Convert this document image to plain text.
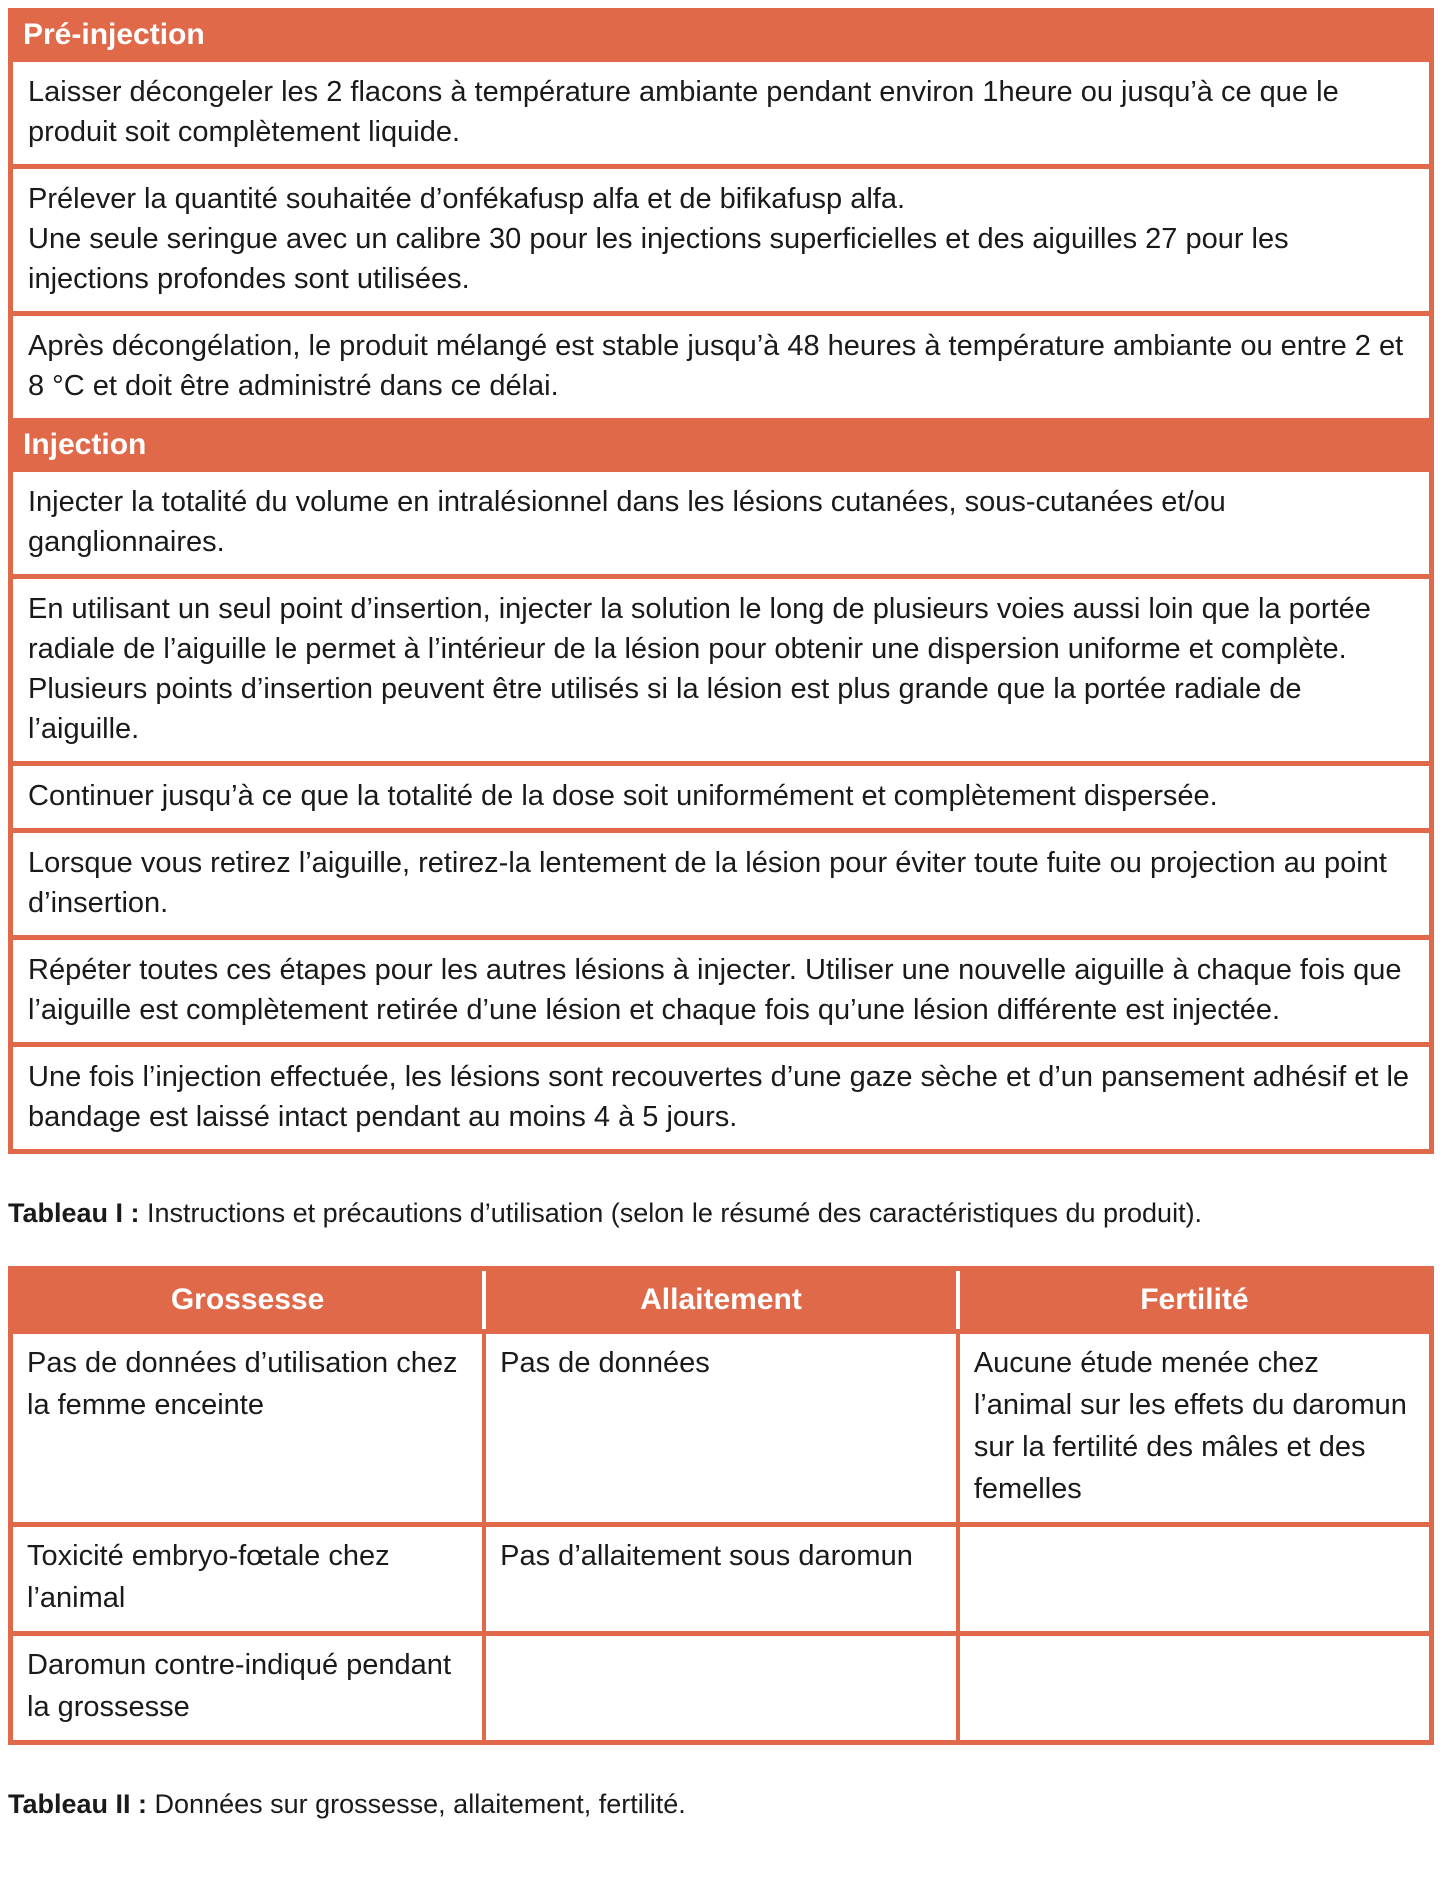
Pré-injection
Laisser décongeler les 2 flacons à température ambiante pendant environ 1heure ou jusqu’à ce que le produit soit complètement liquide.
Prélever la quantité souhaitée d’onfékafusp alfa et de bifikafusp alfa.
Une seule seringue avec un calibre 30 pour les injections superficielles et des aiguilles 27 pour les injections profondes sont utilisées.
Après décongélation, le produit mélangé est stable jusqu’à 48 heures à température ambiante ou entre 2 et 8 °C et doit être administré dans ce délai.
Injection
Injecter la totalité du volume en intralésionnel dans les lésions cutanées, sous-cutanées et/ou ganglionnaires.
En utilisant un seul point d’insertion, injecter la solution le long de plusieurs voies aussi loin que la portée radiale de l’aiguille le permet à l’intérieur de la lésion pour obtenir une dispersion uniforme et complète. Plusieurs points d’insertion peuvent être utilisés si la lésion est plus grande que la portée radiale de l’aiguille.
Continuer jusqu’à ce que la totalité de la dose soit uniformément et complètement dispersée.
Lorsque vous retirez l’aiguille, retirez-la lentement de la lésion pour éviter toute fuite ou projection au point d’insertion.
Répéter toutes ces étapes pour les autres lésions à injecter. Utiliser une nouvelle aiguille à chaque fois que l’aiguille est complètement retirée d’une lésion et chaque fois qu’une lésion différente est injectée.
Une fois l’injection effectuée, les lésions sont recouvertes d’une gaze sèche et d’un pansement adhésif et le bandage est laissé intact pendant au moins 4 à 5 jours.

Tableau I : Instructions et précautions d’utilisation (selon le résumé des caractéristiques du produit).

Grossesse	Allaitement	Fertilité
Pas de données d’utilisation chez la femme enceinte	Pas de données	Aucune étude menée chez l’animal sur les effets du daromun sur la fertilité des mâles et des femelles
Toxicité embryo-fœtale chez l’animal	Pas d’allaitement sous daromun	
Daromun contre-indiqué pendant la grossesse		

Tableau II : Données sur grossesse, allaitement, fertilité.
